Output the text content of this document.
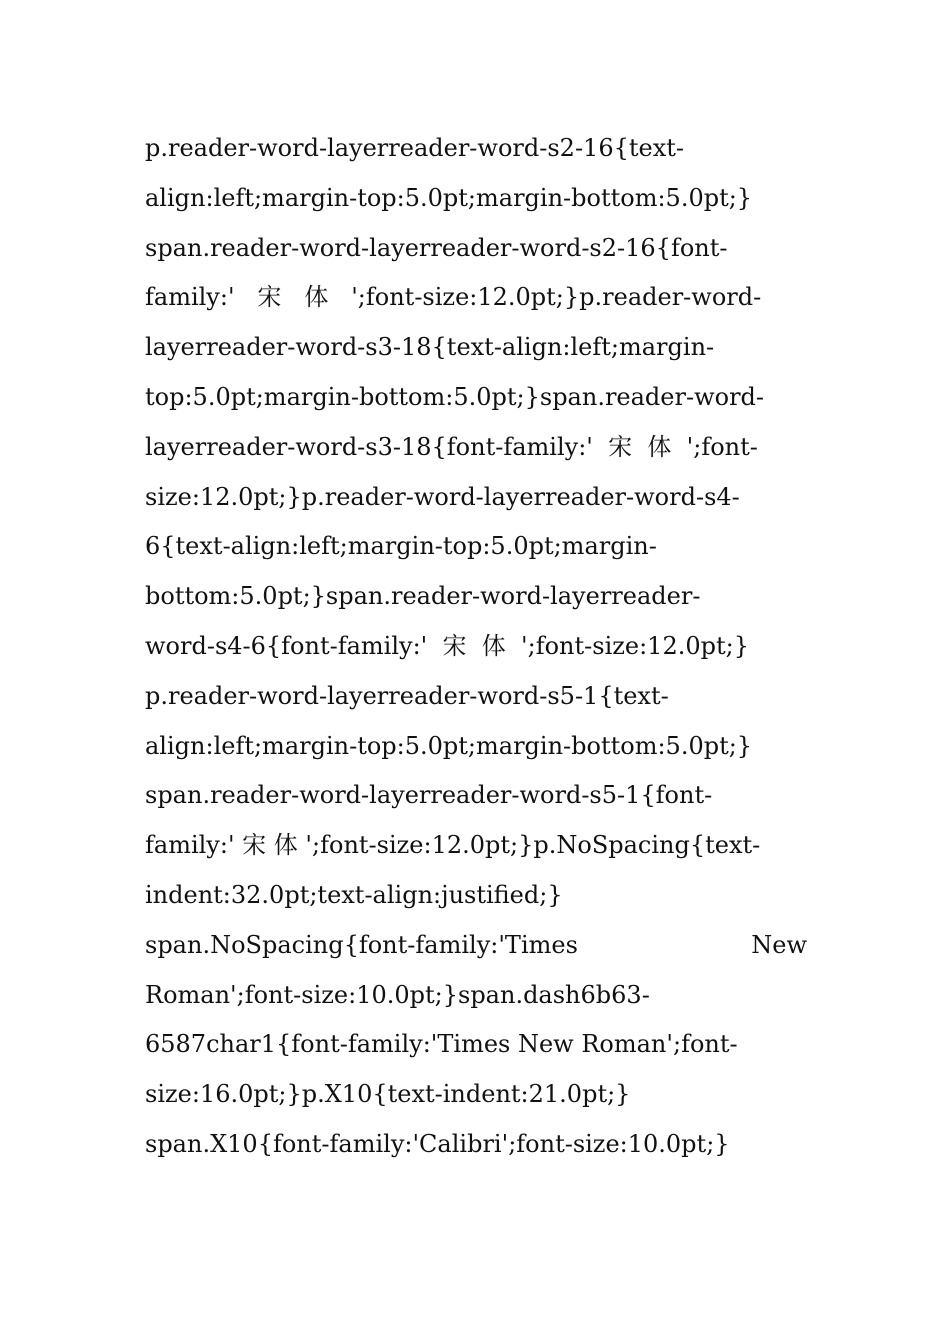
p.reader-word-layerreader-word-s2-16{text-
align:left;margin-top:5.0pt;margin-bottom:5.0pt;}
span.reader-word-layerreader-word-s2-16{font-
family:'   宋   体   ';font-size:12.0pt;}p.reader-word-
layerreader-word-s3-18{text-align:left;margin-
top:5.0pt;margin-bottom:5.0pt;}span.reader-word-
layerreader-word-s3-18{font-family:'  宋  体  ';font-
size:12.0pt;}p.reader-word-layerreader-word-s4-
6{text-align:left;margin-top:5.0pt;margin-
bottom:5.0pt;}span.reader-word-layerreader-
word-s4-6{font-family:'  宋  体  ';font-size:12.0pt;}
p.reader-word-layerreader-word-s5-1{text-
align:left;margin-top:5.0pt;margin-bottom:5.0pt;}
span.reader-word-layerreader-word-s5-1{font-
family:' 宋 体 ';font-size:12.0pt;}p.NoSpacing{text-
indent:32.0pt;text-align:justified;}
span.NoSpacing{font-family:'Times New
Roman';font-size:10.0pt;}span.dash6b63-
6587char1{font-family:'Times New Roman';font-
size:16.0pt;}p.X10{text-indent:21.0pt;}
span.X10{font-family:'Calibri';font-size:10.0pt;}
